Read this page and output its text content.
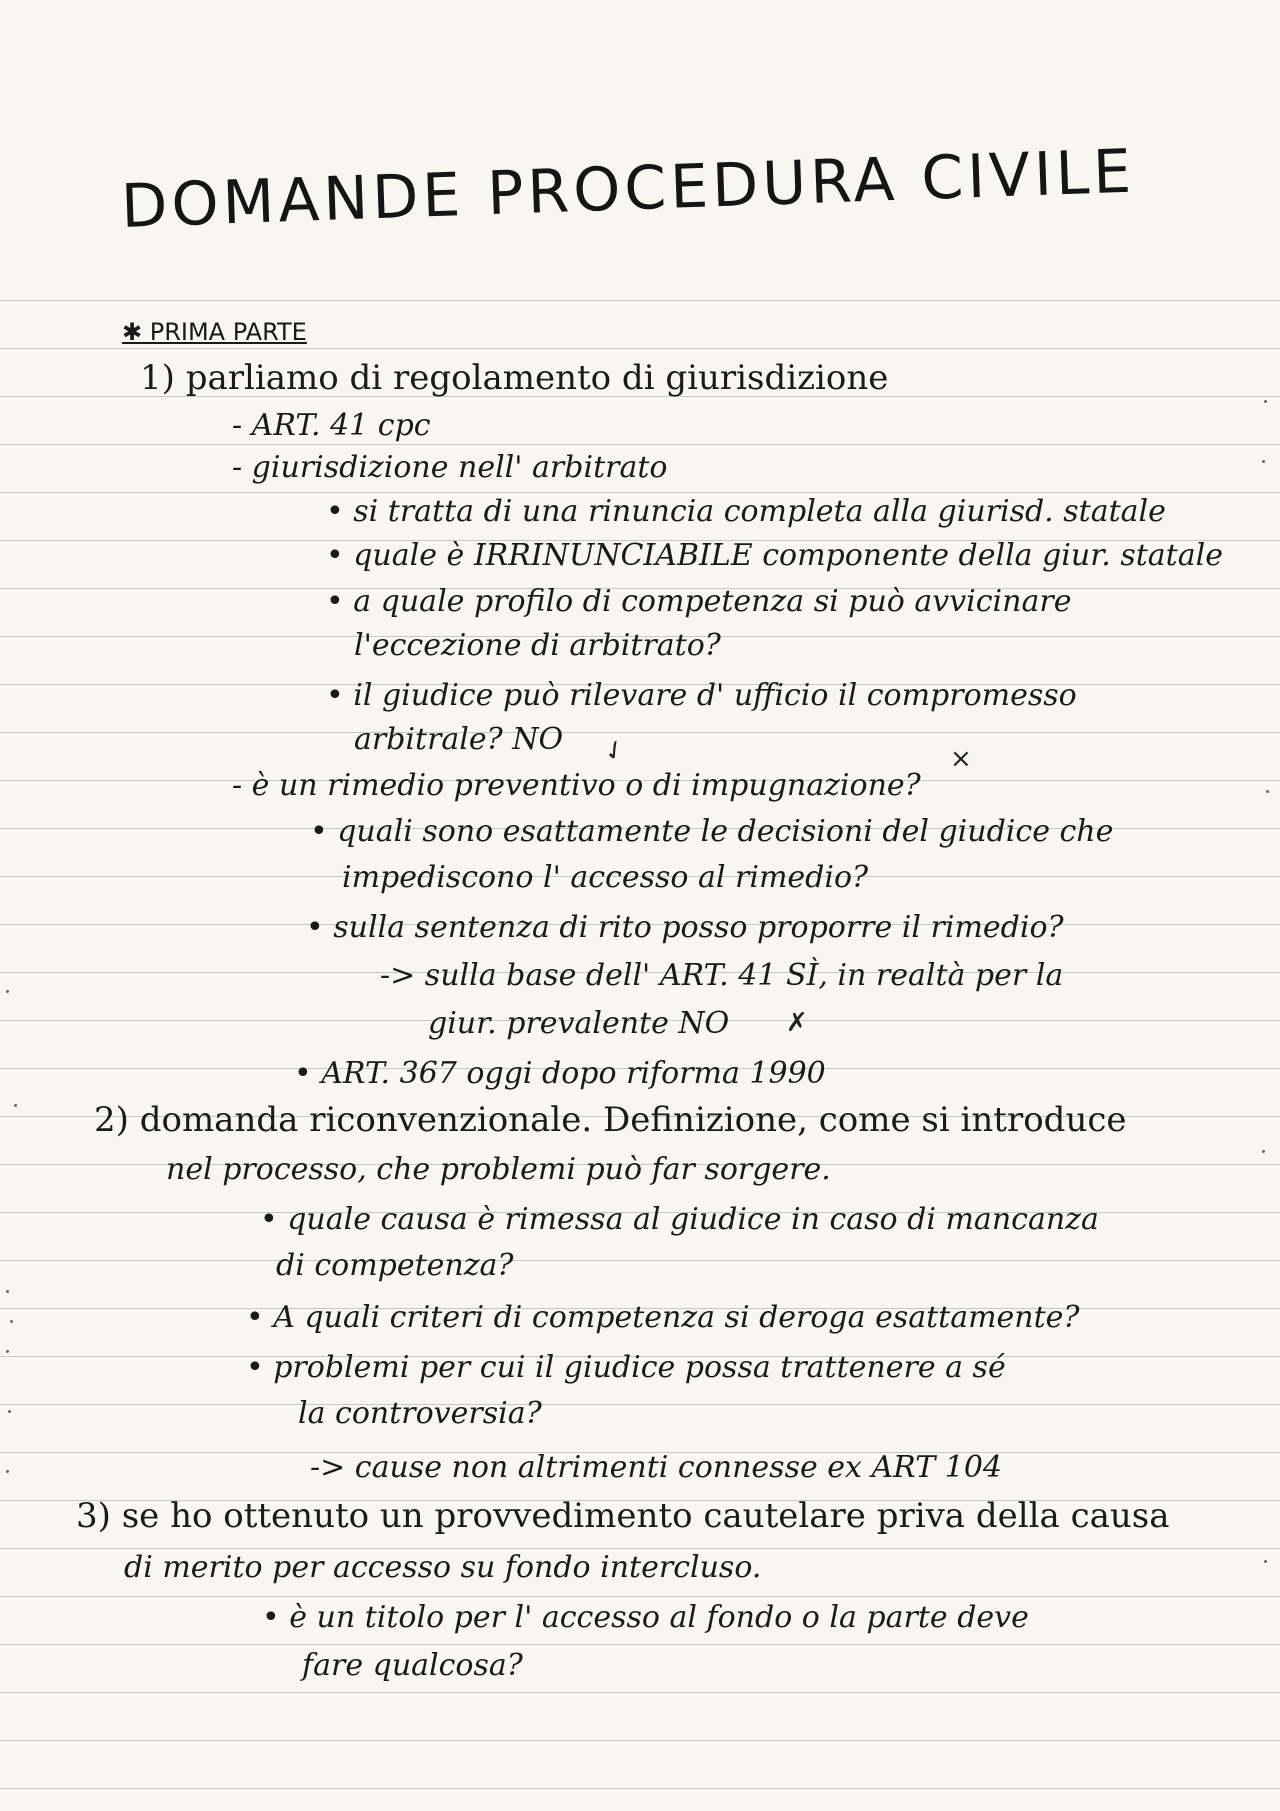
DOMANDE PROCEDURA CIVILE
✱ PRIMA PARTE
1) parliamo di regolamento di giurisdizione
- ART. 41 cpc
- giurisdizione nell' arbitrato
• si tratta di una rinuncia completa alla giurisd. statale
• quale è IRRINUNCIABILE componente della giur. statale
• a quale profilo di competenza si può avvicinare
l'eccezione di arbitrato?
• il giudice può rilevare d' ufficio il compromesso
arbitrale? NO ✓
- è un rimedio preventivo o di impugnazione?
×
• quali sono esattamente le decisioni del giudice che
impediscono l' accesso al rimedio?
• sulla sentenza di rito posso proporre il rimedio?
-> sulla base dell' ART. 41 SÌ, in realtà per la
giur. prevalente NO ✗
• ART. 367 oggi dopo riforma 1990
2) domanda riconvenzionale. Definizione, come si introduce
nel processo, che problemi può far sorgere.
• quale causa è rimessa al giudice in caso di mancanza
di competenza?
• A quali criteri di competenza si deroga esattamente?
• problemi per cui il giudice possa trattenere a sé
la controversia?
-> cause non altrimenti connesse ex ART 104
3) se ho ottenuto un provvedimento cautelare priva della causa
di merito per accesso su fondo intercluso.
• è un titolo per l' accesso al fondo o la parte deve
fare qualcosa?
